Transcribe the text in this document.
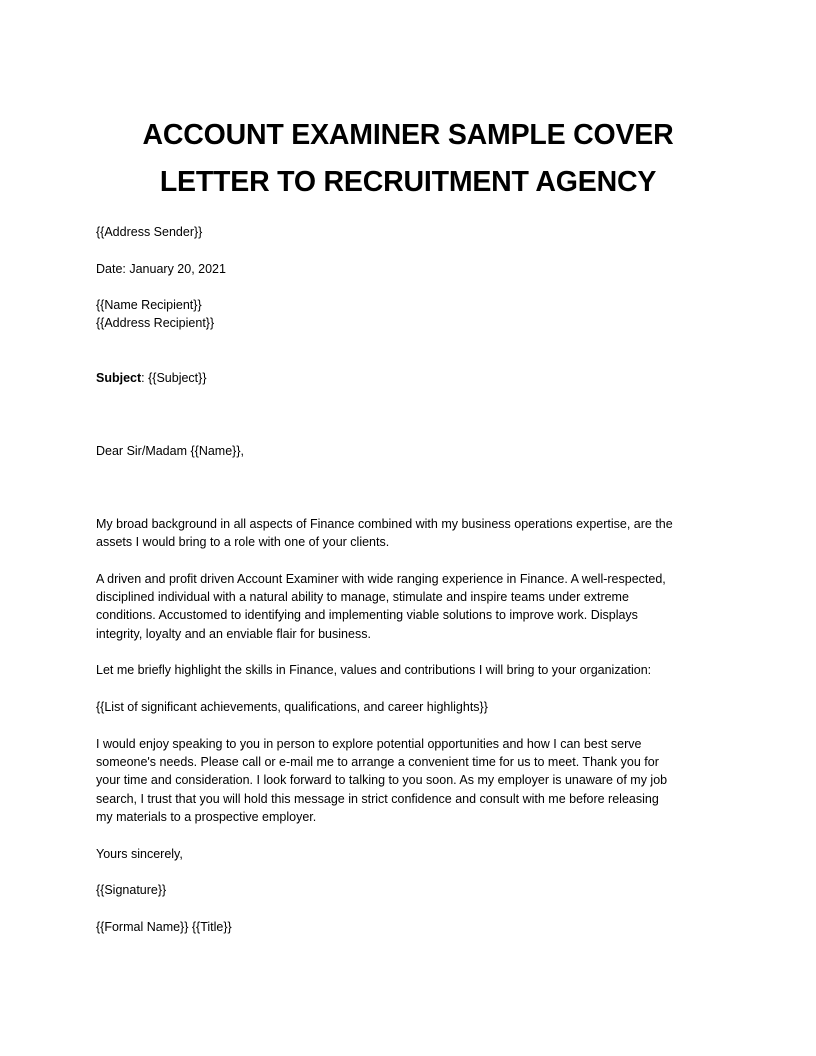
ACCOUNT EXAMINER SAMPLE COVER
LETTER TO RECRUITMENT AGENCY
{{Address Sender}}
Date: January 20, 2021
{{Name Recipient}}
{{Address Recipient}}
Subject: {{Subject}}
Dear Sir/Madam {{Name}},
My broad background in all aspects of Finance combined with my business operations expertise, are the
assets I would bring to a role with one of your clients.
A driven and profit driven Account Examiner with wide ranging experience in Finance. A well-respected,
disciplined individual with a natural ability to manage, stimulate and inspire teams under extreme
conditions. Accustomed to identifying and implementing viable solutions to improve work. Displays
integrity, loyalty and an enviable flair for business.
Let me briefly highlight the skills in Finance, values and contributions I will bring to your organization:
{{List of significant achievements, qualifications, and career highlights}}
I would enjoy speaking to you in person to explore potential opportunities and how I can best serve
someone's needs. Please call or e-mail me to arrange a convenient time for us to meet. Thank you for
your time and consideration. I look forward to talking to you soon. As my employer is unaware of my job
search, I trust that you will hold this message in strict confidence and consult with me before releasing
my materials to a prospective employer.
Yours sincerely,
{{Signature}}
{{Formal Name}} {{Title}}
